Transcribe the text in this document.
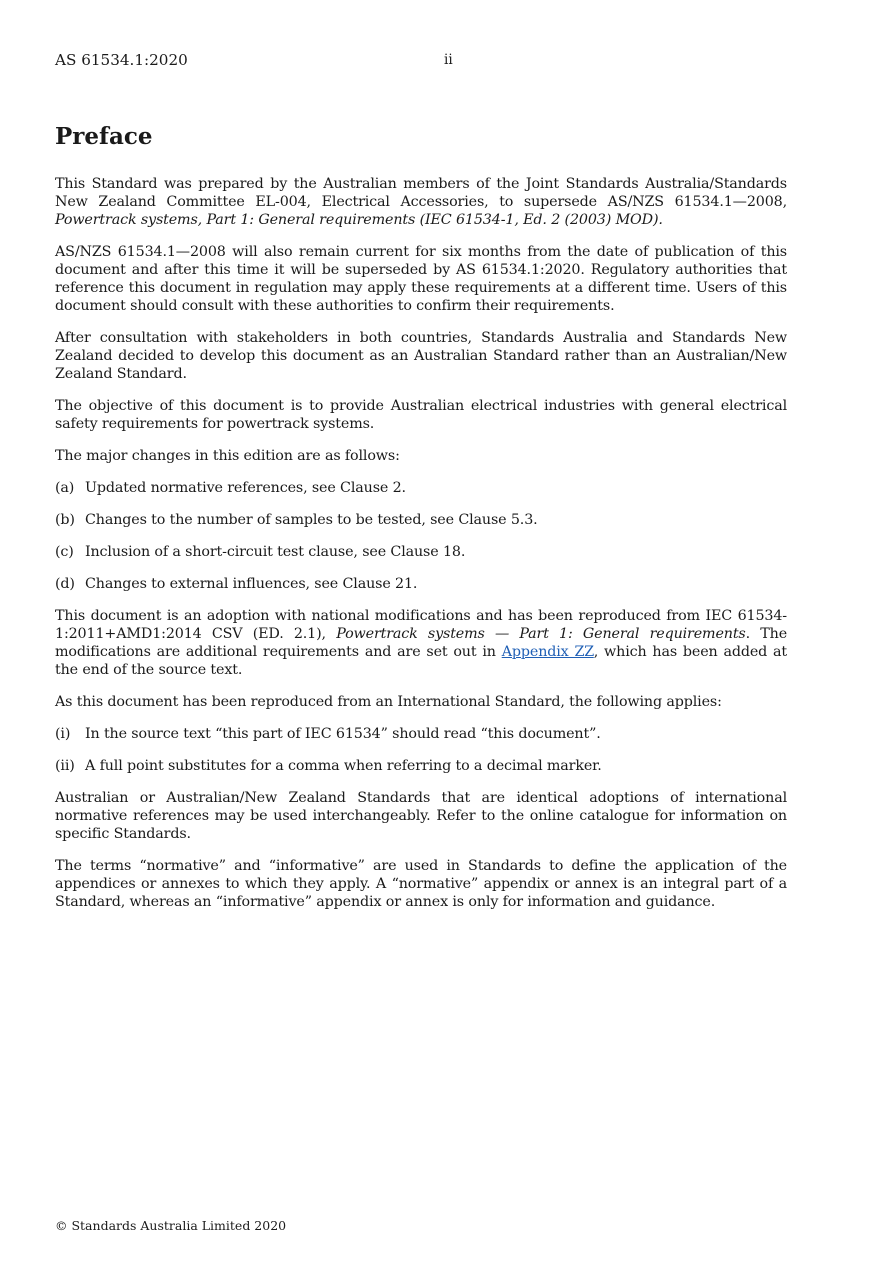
AS 61534.1:2020	ii
Preface

This Standard was prepared by the Australian members of the Joint Standards Australia/Standards New Zealand Committee EL-004, Electrical Accessories, to supersede AS/NZS 61534.1—2008, Powertrack systems, Part 1: General requirements (IEC 61534-1, Ed. 2 (2003) MOD).

AS/NZS 61534.1—2008 will also remain current for six months from the date of publication of this document and after this time it will be superseded by AS 61534.1:2020. Regulatory authorities that reference this document in regulation may apply these requirements at a different time. Users of this document should consult with these authorities to confirm their requirements.

After consultation with stakeholders in both countries, Standards Australia and Standards New Zealand decided to develop this document as an Australian Standard rather than an Australian/New Zealand Standard.

The objective of this document is to provide Australian electrical industries with general electrical safety requirements for powertrack systems.

The major changes in this edition are as follows:

(a) Updated normative references, see Clause 2.
(b) Changes to the number of samples to be tested, see Clause 5.3.
(c) Inclusion of a short-circuit test clause, see Clause 18.
(d) Changes to external influences, see Clause 21.

This document is an adoption with national modifications and has been reproduced from IEC 61534-1:2011+AMD1:2014 CSV (ED. 2.1), Powertrack systems — Part 1: General requirements. The modifications are additional requirements and are set out in Appendix ZZ, which has been added at the end of the source text.

As this document has been reproduced from an International Standard, the following applies:

(i)	In the source text “this part of IEC 61534” should read “this document”.
(ii) A full point substitutes for a comma when referring to a decimal marker.

Australian or Australian/New Zealand Standards that are identical adoptions of international normative references may be used interchangeably. Refer to the online catalogue for information on specific Standards.

The terms “normative” and “informative” are used in Standards to define the application of the appendices or annexes to which they apply. A “normative” appendix or annex is an integral part of a Standard, whereas an “informative” appendix or annex is only for information and guidance.

© Standards Australia Limited 2020
